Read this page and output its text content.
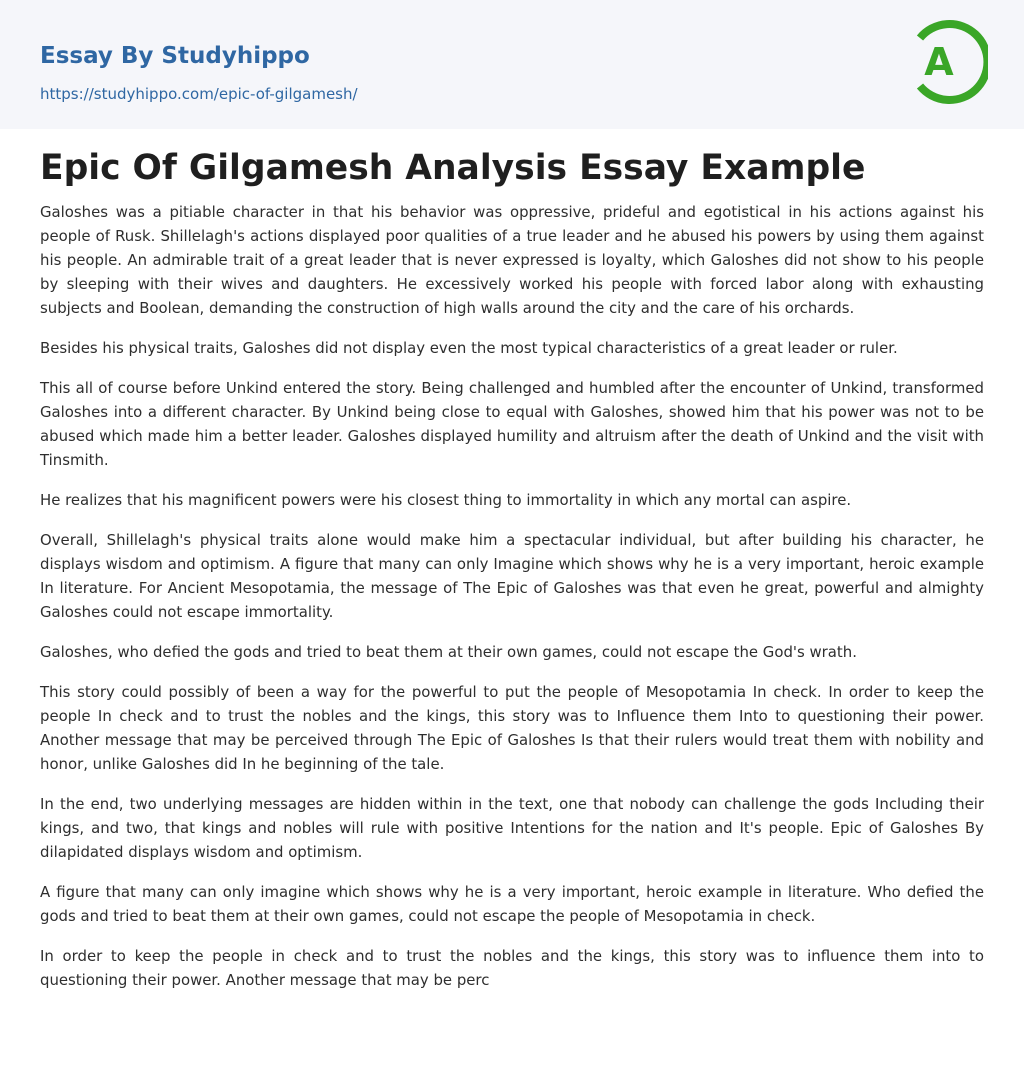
Essay By Studyhippo
https://studyhippo.com/epic-of-gilgamesh/
A
Epic Of Gilgamesh Analysis Essay Example

Galoshes was a pitiable character in that his behavior was oppressive, prideful and egotistical in his actions against his people of Rusk. Shillelagh's actions displayed poor qualities of a true leader and he abused his powers by using them against his people. An admirable trait of a great leader that is never expressed is loyalty, which Galoshes did not show to his people by sleeping with their wives and daughters. He excessively worked his people with forced labor along with exhausting subjects and Boolean, demanding the construction of high walls around the city and the care of his orchards.

Besides his physical traits, Galoshes did not display even the most typical characteristics of a great leader or ruler.

This all of course before Unkind entered the story. Being challenged and humbled after the encounter of Unkind, transformed Galoshes into a different character. By Unkind being close to equal with Galoshes, showed him that his power was not to be abused which made him a better leader. Galoshes displayed humility and altruism after the death of Unkind and the visit with Tinsmith.

He realizes that his magnificent powers were his closest thing to immortality in which any mortal can aspire.

Overall, Shillelagh's physical traits alone would make him a spectacular individual, but after building his character, he displays wisdom and optimism. A figure that many can only Imagine which shows why he is a very important, heroic example In literature. For Ancient Mesopotamia, the message of The Epic of Galoshes was that even he great, powerful and almighty Galoshes could not escape immortality.

Galoshes, who defied the gods and tried to beat them at their own games, could not escape the God's wrath.

This story could possibly of been a way for the powerful to put the people of Mesopotamia In check. In order to keep the people In check and to trust the nobles and the kings, this story was to Influence them Into to questioning their power. Another message that may be perceived through The Epic of Galoshes Is that their rulers would treat them with nobility and honor, unlike Galoshes did In he beginning of the tale.

In the end, two underlying messages are hidden within in the text, one that nobody can challenge the gods Including their kings, and two, that kings and nobles will rule with positive Intentions for the nation and It's people. Epic of Galoshes By dilapidated displays wisdom and optimism.

A figure that many can only imagine which shows why he is a very important, heroic example in literature. Who defied the gods and tried to beat them at their own games, could not escape the people of Mesopotamia in check.

In order to keep the people in check and to trust the nobles and the kings, this story was to influence them into to questioning their power. Another message that may be perc
